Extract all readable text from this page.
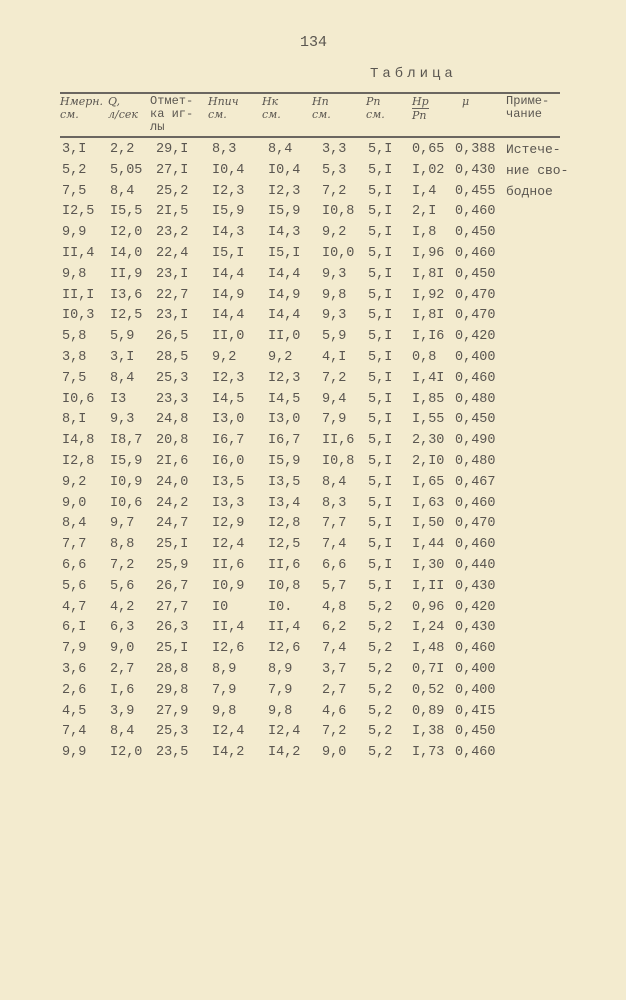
134
Таблица
Hмерн.
см.
Q,
л/сек
Отмет-ка иг-
лы
Hпич
см.
Hк
см.
Hп
см.
Pп
см.
Hp
Pп
μ	Приме-
чание
3,I 2,2 29,I 8,3 8,4 3,3 5,I 0,65 0,388
5,2 5,05 27,I I0,4 I0,4 5,3 5,I I,02 0,430
7,5 8,4 25,2 I2,3 I2,3 7,2 5,I I,4 0,455
I2,5 I5,5 2I,5 I5,9 I5,9 I0,8 5,I 2,I 0,460
9,9 I2,0 23,2 I4,3 I4,3 9,2 5,I I,8 0,450
II,4 I4,0 22,4 I5,I I5,I I0,0 5,I I,96 0,460
9,8 II,9 23,I I4,4 I4,4 9,3 5,I I,8I 0,450
II,I I3,6 22,7 I4,9 I4,9 9,8 5,I I,92 0,470
I0,3 I2,5 23,I I4,4 I4,4 9,3 5,I I,8I 0,470
5,8 5,9 26,5 II,0 II,0 5,9 5,I I,I6 0,420
3,8 3,I 28,5 9,2 9,2 4,I 5,I 0,8 0,400
7,5 8,4 25,3 I2,3 I2,3 7,2 5,I I,4I 0,460
I0,6 I3 23,3 I4,5 I4,5 9,4 5,I I,85 0,480
8,I 9,3 24,8 I3,0 I3,0 7,9 5,I I,55 0,450
I4,8 I8,7 20,8 I6,7 I6,7 II,6 5,I 2,30 0,490
I2,8 I5,9 2I,6 I6,0 I5,9 I0,8 5,I 2,I0 0,480
9,2 I0,9 24,0 I3,5 I3,5 8,4 5,I I,65 0,467
9,0 I0,6 24,2 I3,3 I3,4 8,3 5,I I,63 0,460
8,4 9,7 24,7 I2,9 I2,8 7,7 5,I I,50 0,470
7,7 8,8 25,I I2,4 I2,5 7,4 5,I I,44 0,460
6,6 7,2 25,9 II,6 II,6 6,6 5,I I,30 0,440
5,6 5,6 26,7 I0,9 I0,8 5,7 5,I I,II 0,430
4,7 4,2 27,7 I0	I0. 4,8 5,2 0,96 0,420
6,I 6,3 26,3 II,4 II,4 6,2 5,2 I,24 0,430
7,9 9,0 25,I I2,6 I2,6 7,4 5,2 I,48 0,460
3,6 2,7 28,8 8,9 8,9 3,7 5,2 0,7I 0,400
2,6 I,6 29,8 7,9 7,9 2,7 5,2 0,52 0,400
4,5 3,9 27,9 9,8 9,8 4,6 5,2 0,89 0,4I5
7,4 8,4 25,3 I2,4 I2,4 7,2 5,2 I,38 0,450
9,9 I2,0 23,5 I4,2 I4,2 9,0 5,2 I,73 0,460
Истече-
ние сво-
бодное
